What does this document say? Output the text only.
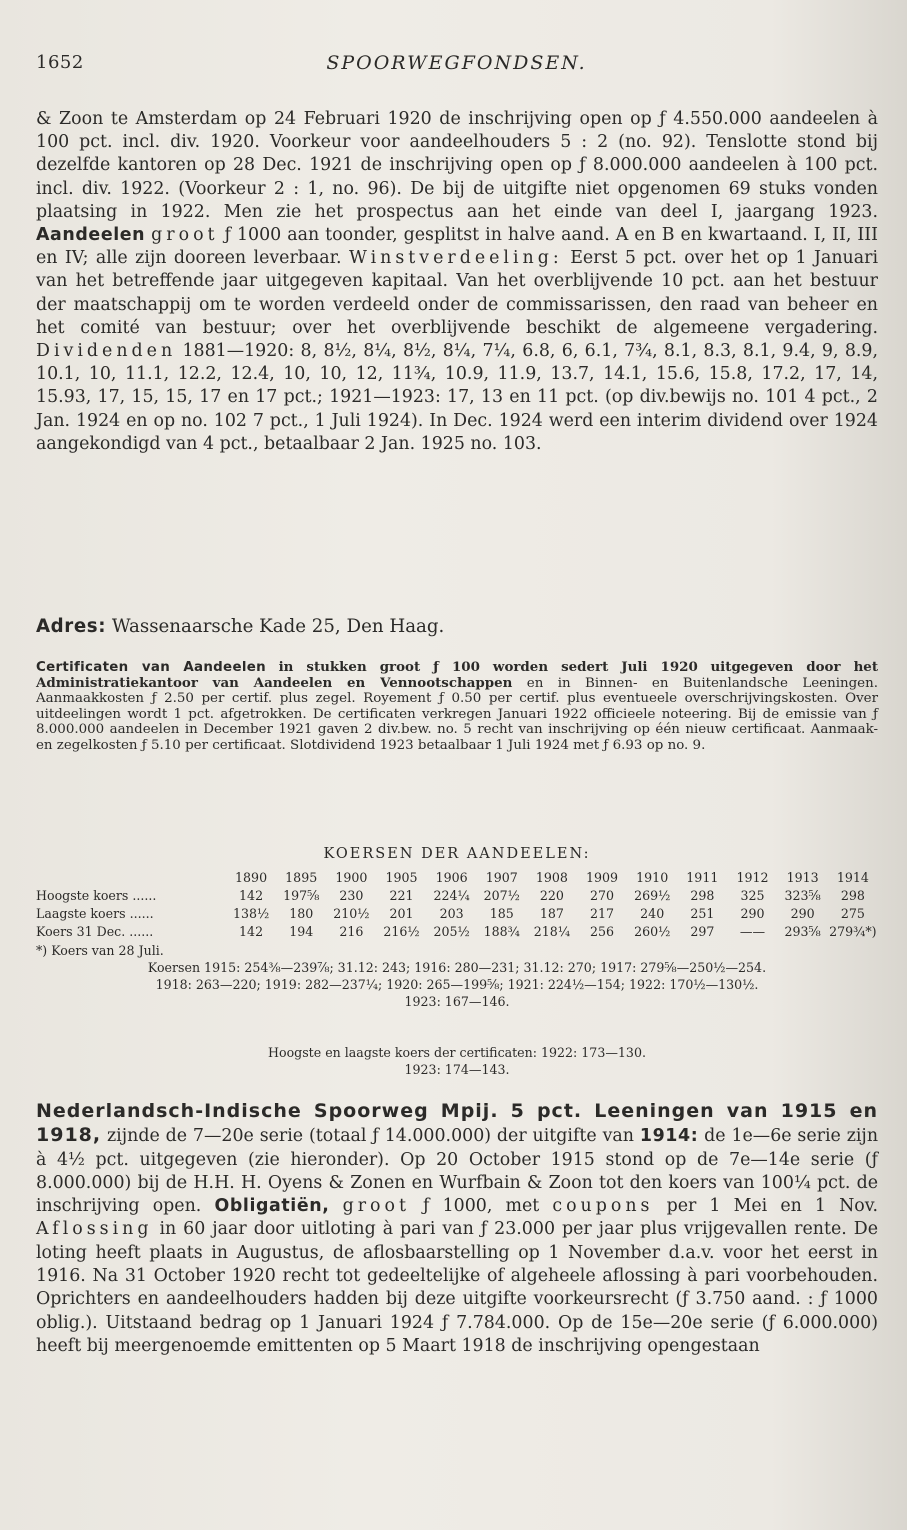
1652	SPOORWEGFONDSEN.
& Zoon te Amsterdam op 24 Februari 1920 de inschrijving open op ƒ 4.550.000 aandeelen à 100 pct. incl. div. 1920. Voorkeur voor aandeelhouders 5 : 2 (no. 92). Tenslotte stond bij dezelfde kantoren op 28 Dec. 1921 de inschrijving open op ƒ 8.000.000 aandeelen à 100 pct. incl. div. 1922. (Voorkeur 2 : 1, no. 96). De bij de uitgifte niet opgenomen 69 stuks vonden plaatsing in 1922. Men zie het prospectus aan het einde van deel I, jaargang 1923. Aandeelen groot ƒ 1000 aan toonder, gesplitst in halve aand. A en B en kwartaand. I, II, III en IV; alle zijn dooreen leverbaar. Winstverdeeling: Eerst 5 pct. over het op 1 Januari van het betreffende jaar uitgegeven kapitaal. Van het overblijvende 10 pct. aan het bestuur der maatschappij om te worden verdeeld onder de commissarissen, den raad van beheer en het comité van bestuur; over het overblijvende beschikt de algemeene vergadering. Dividenden 1881—1920: 8, 8½, 8¼, 8½, 8¼, 7¼, 6.8, 6, 6.1, 7¾, 8.1, 8.3, 8.1, 9.4, 9, 8.9, 10.1, 10, 11.1, 12.2, 12.4, 10, 10, 12, 11¾, 10.9, 11.9, 13.7, 14.1, 15.6, 15.8, 17.2, 17, 14, 15.93, 17, 15, 15, 17 en 17 pct.; 1921—1923: 17, 13 en 11 pct. (op div.bewijs no. 101 4 pct., 2 Jan. 1924 en op no. 102 7 pct., 1 Juli 1924). In Dec. 1924 werd een interim dividend over 1924 aangekondigd van 4 pct., betaalbaar 2 Jan. 1925 no. 103.
Adres: Wassenaarsche Kade 25, Den Haag.
Certificaten van Aandeelen in stukken groot ƒ 100 worden sedert Juli 1920 uitgegeven door het Administratiekantoor van Aandeelen en Vennootschappen en in Binnen- en Buitenlandsche Leeningen. Aanmaakkosten ƒ 2.50 per certif. plus zegel. Royement ƒ 0.50 per certif. plus eventueele overschrijvingskosten. Over uitdeelingen wordt 1 pct. afgetrokken. De certificaten verkregen Januari 1922 officieele noteering. Bij de emissie van ƒ 8.000.000 aandeelen in December 1921 gaven 2 div.bew. no. 5 recht van inschrijving op één nieuw certificaat. Aanmaak- en zegelkosten ƒ 5.10 per certificaat. Slotdividend 1923 betaalbaar 1 Juli 1924 met ƒ 6.93 op no. 9.
KOERSEN DER AANDEELEN:
	1890	1895	1900	1905	1906	1907	1908	1909	1910	1911	1912	1913	1914
Hoogste koers ......	142	197⅝	230	221	224¼	207½	220	270	269½	298	325	323⅝	298
Laagste koers ......	138½	180	210½	201	203	185	187	217	240	251	290	290	275
Koers 31 Dec. ......	142	194	216	216½	205½	188¾	218¼	256	260½	297	——	293⅝	279¾*)
*) Koers van 28 Juli.
Koersen 1915: 254⅜—239⅞; 31.12: 243; 1916: 280—231; 31.12: 270; 1917: 279⅝—250½—254.
1918: 263—220; 1919: 282—237¼; 1920: 265—199⅝; 1921: 224½—154; 1922: 170½—130½.
1923: 167—146.
Hoogste en laagste koers der certificaten: 1922: 173—130.
1923: 174—143.
Nederlandsch-Indische Spoorweg Mpij. 5 pct. Leeningen van 1915 en 1918, zijnde de 7—20e serie (totaal ƒ 14.000.000) der uitgifte van 1914: de 1e—6e serie zijn à 4½ pct. uitgegeven (zie hieronder). Op 20 October 1915 stond op de 7e—14e serie (ƒ 8.000.000) bij de H.H. H. Oyens & Zonen en Wurfbain & Zoon tot den koers van 100¼ pct. de inschrijving open. Obligatiën, groot ƒ 1000, met coupons per 1 Mei en 1 Nov. Aflossing in 60 jaar door uitloting à pari van ƒ 23.000 per jaar plus vrijgevallen rente. De loting heeft plaats in Augustus, de aflosbaarstelling op 1 November d.a.v. voor het eerst in 1916. Na 31 October 1920 recht tot gedeeltelijke of algeheele aflossing à pari voorbehouden. Oprichters en aandeelhouders hadden bij deze uitgifte voorkeursrecht (ƒ 3.750 aand. : ƒ 1000 oblig.). Uitstaand bedrag op 1 Januari 1924 ƒ 7.784.000. Op de 15e—20e serie (ƒ 6.000.000) heeft bij meergenoemde emittenten op 5 Maart 1918 de inschrijving opengestaan
